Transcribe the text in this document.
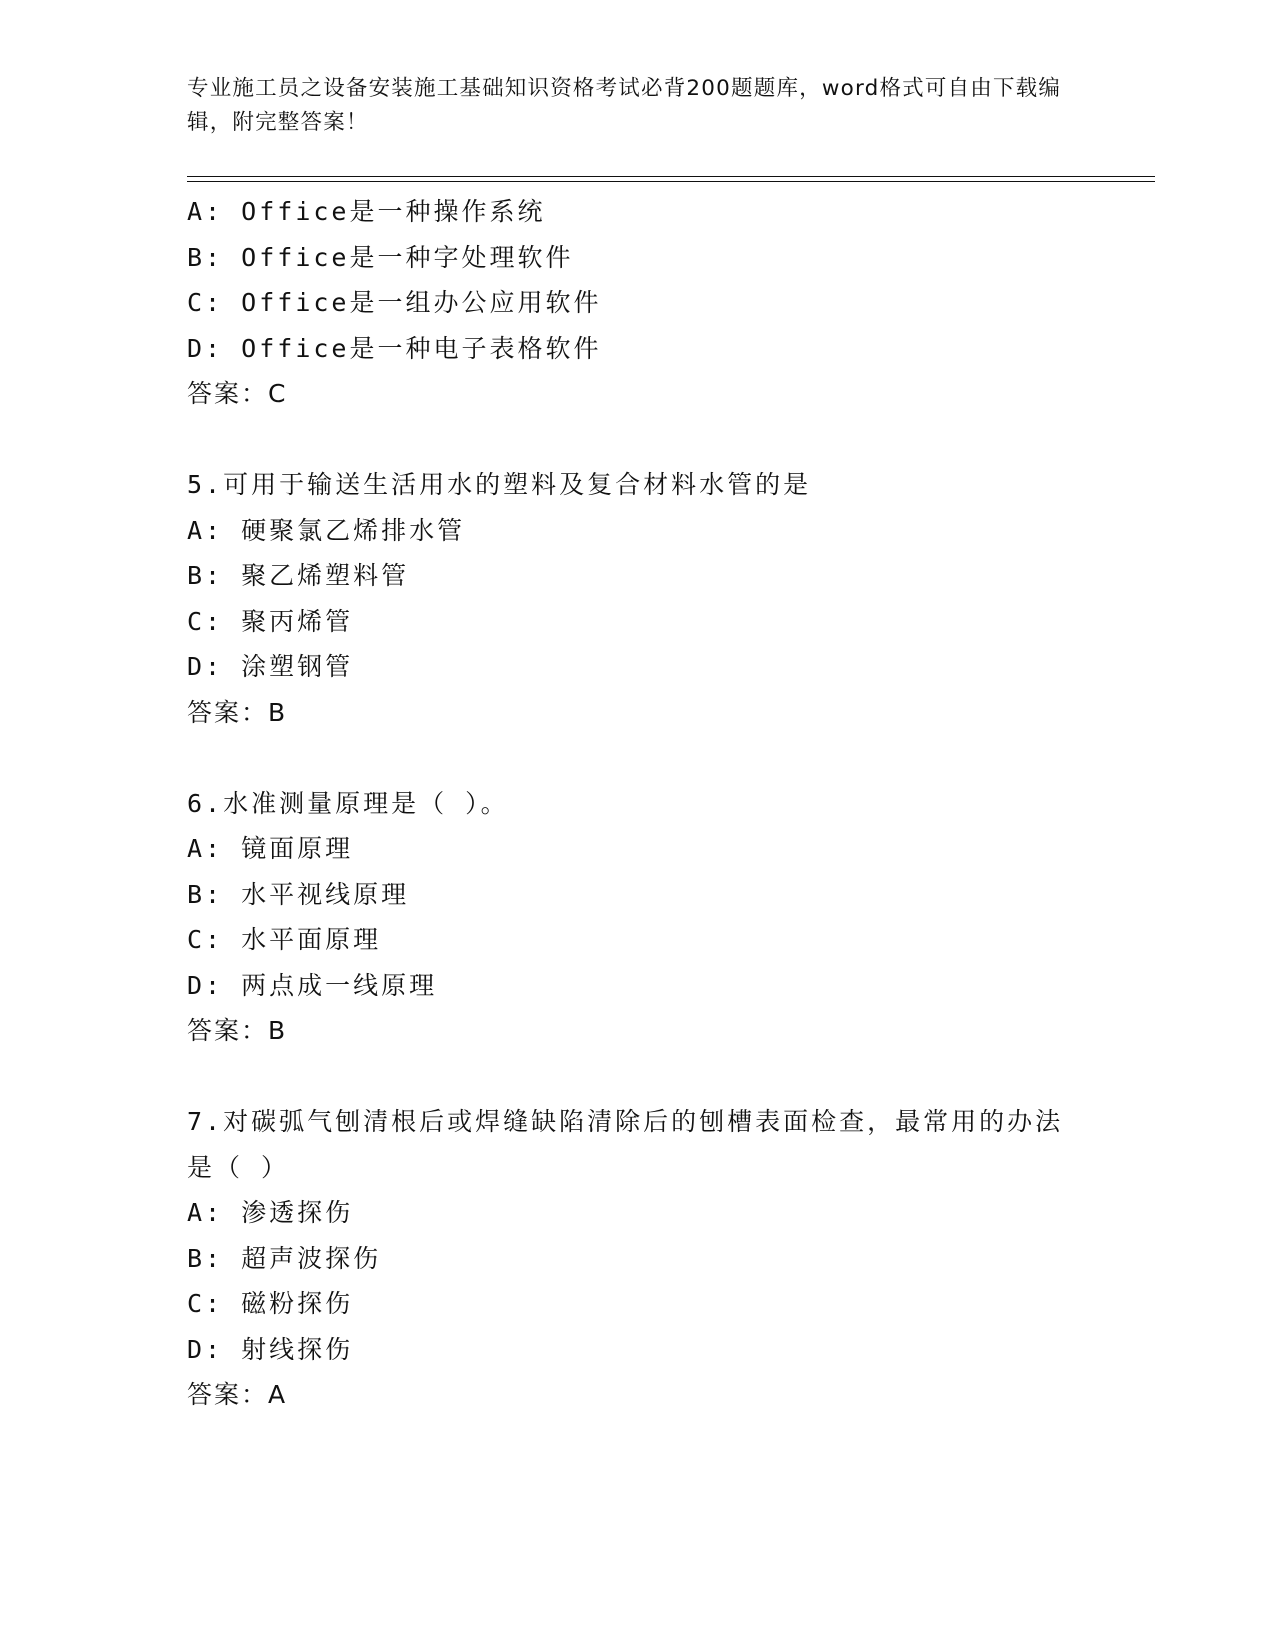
专业施工员之设备安装施工基础知识资格考试必背200题题库，word格式可自由下载编辑，附完整答案！
A: Office是一种操作系统
B: Office是一种字处理软件
C: Office是一组办公应用软件
D: Office是一种电子表格软件
答案：C
5.可用于输送生活用水的塑料及复合材料水管的是
A: 硬聚氯乙烯排水管
B: 聚乙烯塑料管
C: 聚丙烯管
D: 涂塑钢管
答案：B
6.水准测量原理是（ ）。
A: 镜面原理
B: 水平视线原理
C: 水平面原理
D: 两点成一线原理
答案：B
7.对碳弧气刨清根后或焊缝缺陷清除后的刨槽表面检查，最常用的办法是（ ）
A: 渗透探伤
B: 超声波探伤
C: 磁粉探伤
D: 射线探伤
答案：A
